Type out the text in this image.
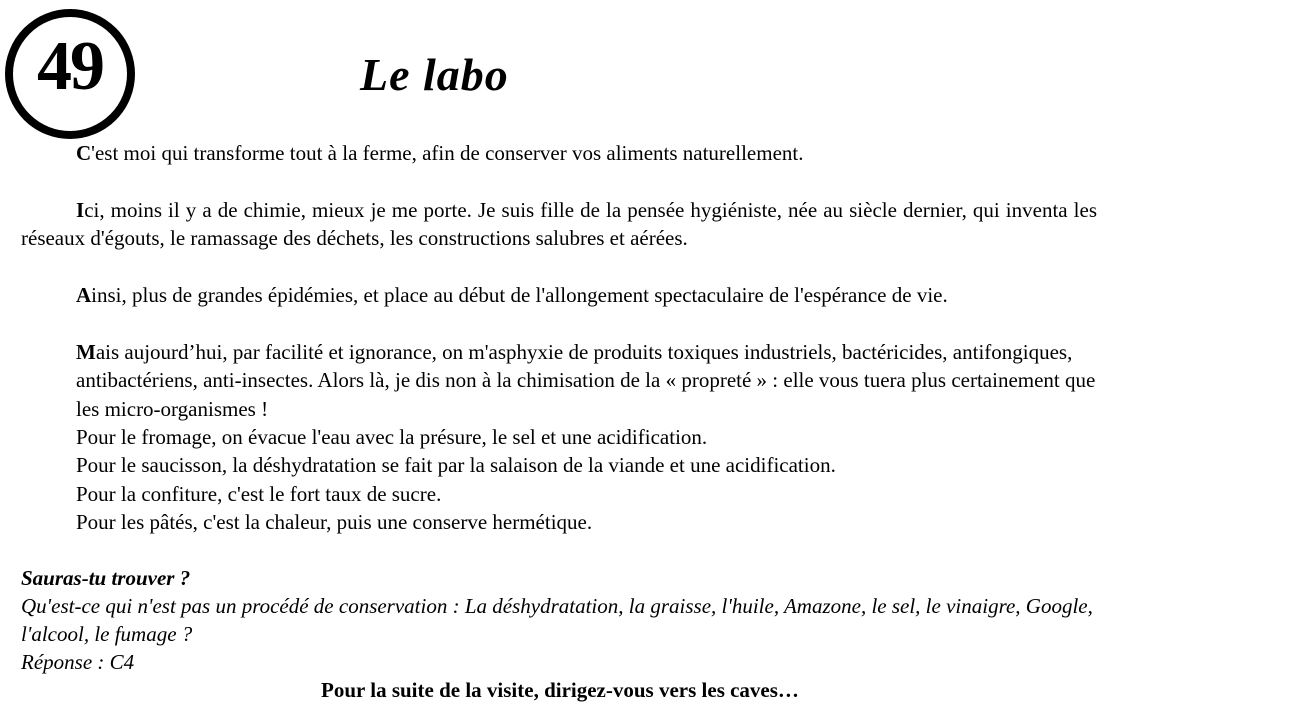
49	Le labo

C'est moi qui transforme tout à la ferme, afin de conserver vos aliments naturellement.

Ici, moins il y a de chimie, mieux je me porte. Je suis fille de la pensée hygiéniste, née au siècle dernier, qui inventa les réseaux d'égouts, le ramassage des déchets, les constructions salubres et aérées.

Ainsi, plus de grandes épidémies, et place au début de l'allongement spectaculaire de l'espérance de vie.

Mais aujourd’hui, par facilité et ignorance, on m'asphyxie de produits toxiques industriels, bactéricides, antifongiques, antibactériens, anti-insectes. Alors là, je dis non à la chimisation de la « propreté » : elle vous tuera plus certainement que les micro-organismes !
Pour le fromage, on évacue l'eau avec la présure, le sel et une acidification.
Pour le saucisson, la déshydratation se fait par la salaison de la viande et une acidification.
Pour la confiture, c'est le fort taux de sucre.
Pour les pâtés, c'est la chaleur, puis une conserve hermétique.
Sauras-tu trouver ?
Qu'est-ce qui n'est pas un procédé de conservation : La déshydratation, la graisse, l'huile, Amazone, le sel, le vinaigre, Google, l'alcool, le fumage ?
Réponse : C4
Pour la suite de la visite, dirigez-vous vers les caves…
